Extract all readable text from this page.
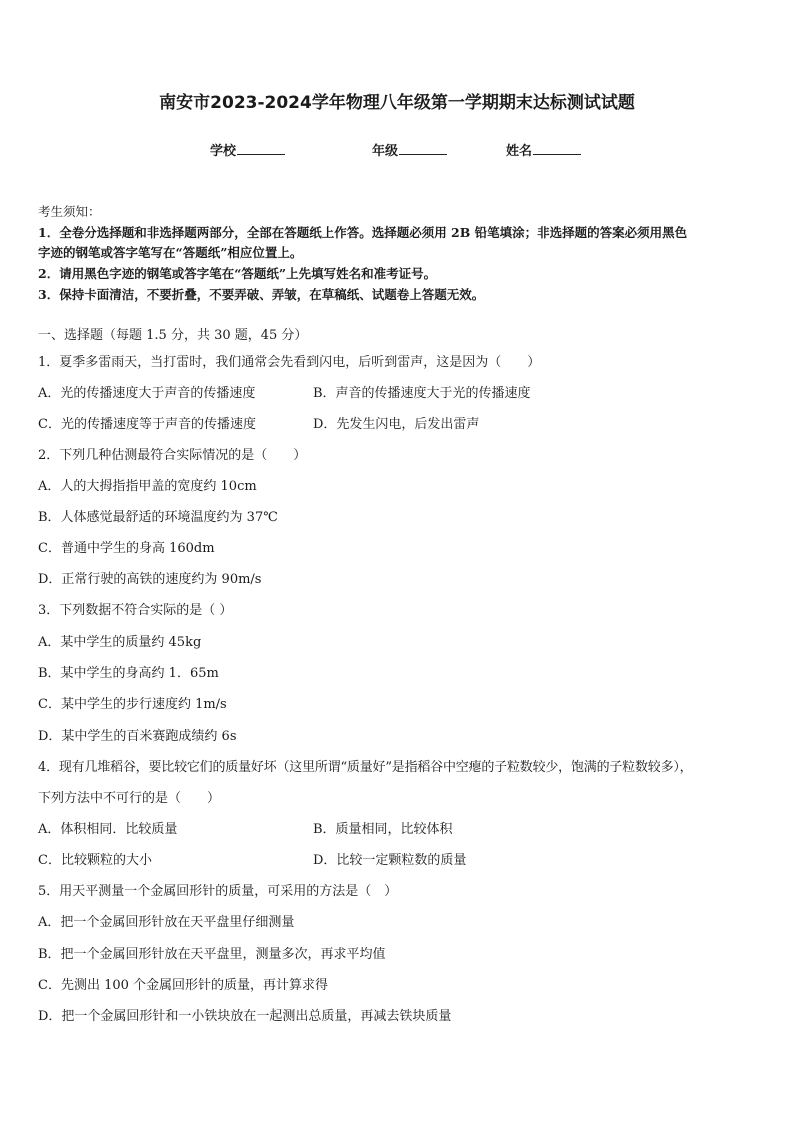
南安市2023-2024学年物理八年级第一学期期末达标测试试题
学校	年级	姓名
考生须知：
1．全卷分选择题和非选择题两部分，全部在答题纸上作答。选择题必须用 2B 铅笔填涂；非选择题的答案必须用黑色
字迹的钢笔或答字笔写在“答题纸”相应位置上。
2．请用黑色字迹的钢笔或答字笔在“答题纸”上先填写姓名和准考证号。
3．保持卡面清洁，不要折叠，不要弄破、弄皱，在草稿纸、试题卷上答题无效。
一、选择题（每题 1.5 分，共 30 题，45 分）
1．夏季多雷雨天，当打雷时，我们通常会先看到闪电，后听到雷声，这是因为（　　）
A．光的传播速度大于声音的传播速度	B．声音的传播速度大于光的传播速度
C．光的传播速度等于声音的传播速度	D．先发生闪电，后发出雷声
2．下列几种估测最符合实际情况的是（　　）
A．人的大拇指指甲盖的宽度约 10cm
B．人体感觉最舒适的环境温度约为 37℃
C．普通中学生的身高 160dm
D．正常行驶的高铁的速度约为 90m/s
3．下列数据不符合实际的是（ ）
A．某中学生的质量约 45kg
B．某中学生的身高约 1．65m
C．某中学生的步行速度约 1m/s
D．某中学生的百米赛跑成绩约 6s
4．现有几堆稻谷，要比较它们的质量好坏（这里所谓“质量好”是指稻谷中空瘪的子粒数较少，饱满的子粒数较多），
下列方法中不可行的是（　　）
A．体积相同．比较质量	B．质量相同，比较体积
C．比较颗粒的大小	D．比较一定颗粒数的质量
5．用天平测量一个金属回形针的质量，可采用的方法是（　）
A．把一个金属回形针放在天平盘里仔细测量
B．把一个金属回形针放在天平盘里，测量多次，再求平均值
C．先测出 100 个金属回形针的质量，再计算求得
D．把一个金属回形针和一小铁块放在一起测出总质量，再减去铁块质量
